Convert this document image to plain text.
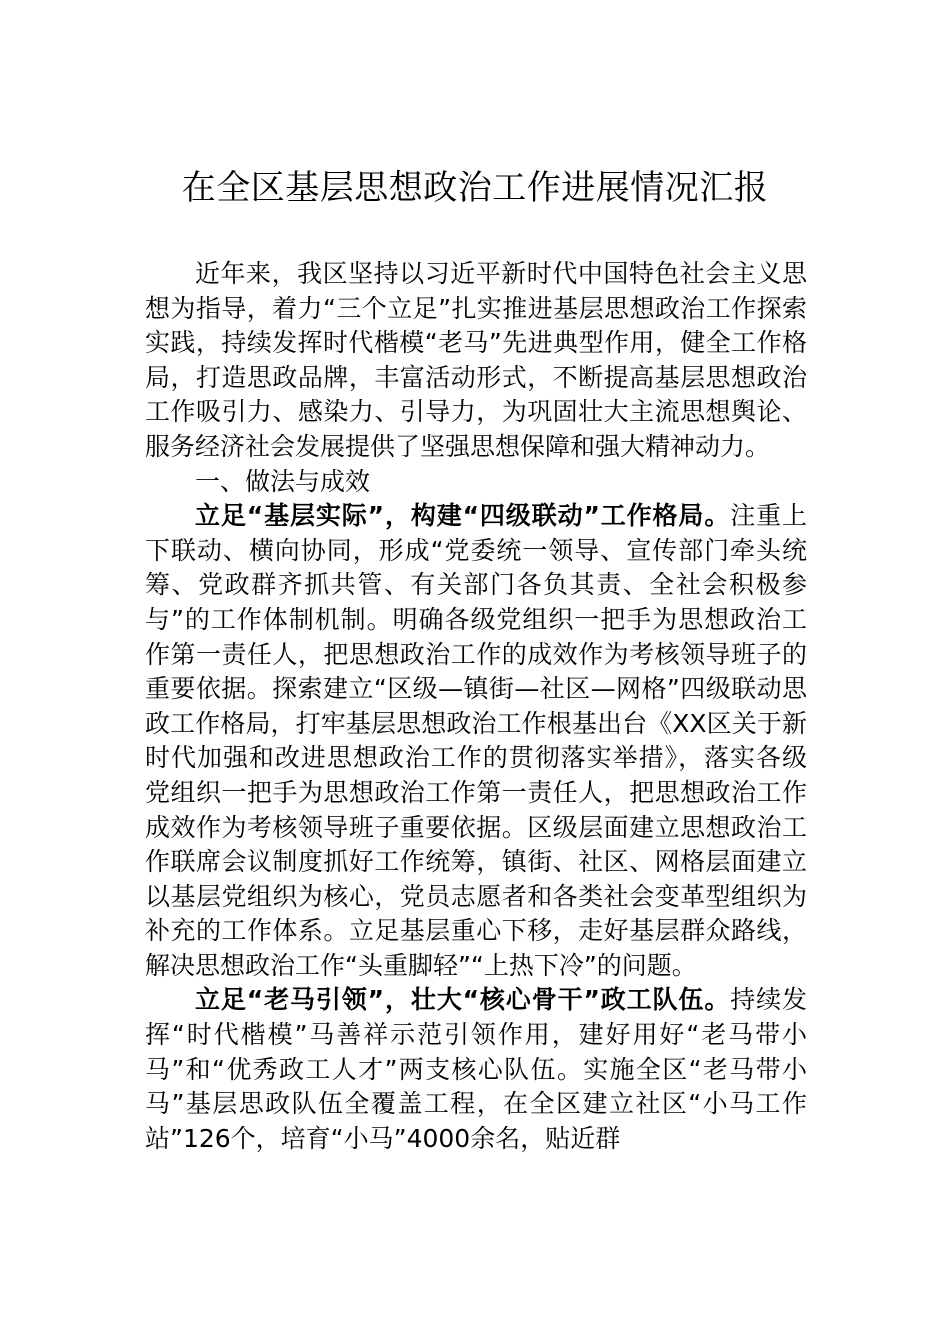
在全区基层思想政治工作进展情况汇报

近年来，我区坚持以习近平新时代中国特色社会主义思想为指导，着力“三个立足”扎实推进基层思想政治工作探索实践，持续发挥时代楷模“老马”先进典型作用，健全工作格局，打造思政品牌，丰富活动形式，不断提高基层思想政治工作吸引力、感染力、引导力，为巩固壮大主流思想舆论、服务经济社会发展提供了坚强思想保障和强大精神动力。

一、做法与成效

立足“基层实际”，构建“四级联动”工作格局。注重上下联动、横向协同，形成“党委统一领导、宣传部门牵头统筹、党政群齐抓共管、有关部门各负其责、全社会积极参与”的工作体制机制。明确各级党组织一把手为思想政治工作第一责任人，把思想政治工作的成效作为考核领导班子的重要依据。探索建立“区级—镇街—社区—网格”四级联动思政工作格局，打牢基层思想政治工作根基出台《XX区关于新时代加强和改进思想政治工作的贯彻落实举措》，落实各级党组织一把手为思想政治工作第一责任人，把思想政治工作成效作为考核领导班子重要依据。区级层面建立思想政治工作联席会议制度抓好工作统筹，镇街、社区、网格层面建立以基层党组织为核心，党员志愿者和各类社会变革型组织为补充的工作体系。立足基层重心下移，走好基层群众路线，解决思想政治工作“头重脚轻”“上热下冷”的问题。

立足“老马引领”，壮大“核心骨干”政工队伍。持续发挥“时代楷模”马善祥示范引领作用，建好用好“老马带小马”和“优秀政工人才”两支核心队伍。实施全区“老马带小马”基层思政队伍全覆盖工程，在全区建立社区“小马工作站”126个，培育“小马”4000余名，贴近群
